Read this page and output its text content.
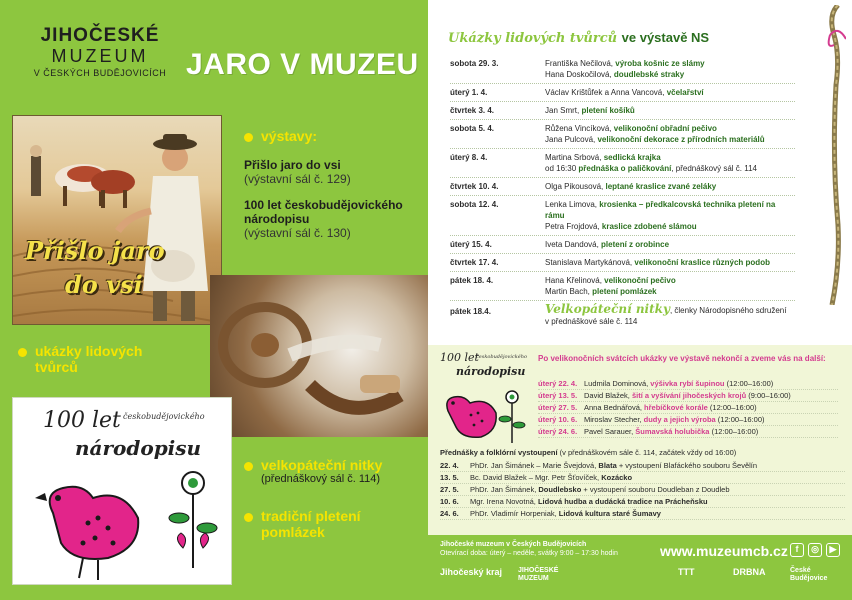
JIHOČESKÉ
MUZEUM
V ČESKÝCH BUDĚJOVICÍCH JARO V MUZEU
Přišlo jaro
do vsi
výstavy:
Přišlo jaro do vsi
(výstavní sál č. 129)
100 let českobudějovického
národopisu
(výstavní sál č. 130)
ukázky lidových
tvůrců
100 let českobudějovického
národopisu
velkopáteční nitky
(přednáškový sál č. 114)
tradiční pletení
pomlázek
Ukázky lidových tvůrců ve výstavě NS
sobota 29. 3.	Františka Nečilová, výroba košnic ze slámy
Hana Doskočilová, doudlebské straky
úterý 1. 4.	Václav Krištůfek a Anna Vancová, včelařství
čtvrtek 3. 4.	Jan Smrt, pletení košíků
sobota 5. 4.	Růžena Vincíková, velikonoční obřadní pečivo
Jana Pulcová, velikonoční dekorace z přírodních materiálů
úterý 8. 4.	Martina Srbová, sedlická krajka
od 16:30 přednáška o paličkování, přednáškový sál č. 114
čtvrtek 10. 4.	Olga Pikousová, leptané kraslice zvané zeláky
sobota 12. 4.	Lenka Limova, krosienka – předkalcovská technika pletení na rámu
Petra Frojdová, kraslice zdobené slámou
úterý 15. 4.	Iveta Dandová, pletení z orobince
čtvrtek 17. 4.	Stanislava Martykánová, velikonoční kraslice různých podob
pátek 18. 4.	Hana Křelinová, velikonoční pečivo
Martin Bach, pletení pomlázek
pátek 18.4.	Velkopáteční nitky, členky Národopisného sdružení
v přednáškové sále č. 114
100 let
českobudějovického
národopisu
Po velikonočních svátcích ukázky ve výstavě nekončí a zveme vás na další:
úterý 22. 4. Ludmila Dominová, výšivka rybí šupinou (12:00–16:00)
úterý 13. 5. David Blažek, šití a vyšívání jihočeských krojů (9:00–16:00)
úterý 27. 5. Anna Bednářová, hřebíčkové korále (12:00–16:00)
úterý 10. 6. Miroslav Stecher, dudy a jejich výroba (12:00–16:00)
úterý 24. 6. Pavel Sarauer, Šumavská holubička (12:00–16:00)
Přednášky a folklórní vystoupení (v přednáškovém sále č. 114, začátek vždy od 16:00)
22. 4.	PhDr. Jan Šimánek – Marie Švejdová, Blata + vystoupení Blafáckého souboru Ševělín
13. 5.	Bc. David Blažek – Mgr. Petr Šťovíček, Kozácko
27. 5.	PhDr. Jan Šimánek, Doudlebsko + vystoupení souboru Doudleban z Doudleb
10. 6.	Mgr. Irena Novotná, Lidová hudba a dudácká tradice na Prácheňsku
24. 6.	PhDr. Vladimír Horpeniak, Lidová kultura staré Šumavy
Jihočeské muzeum v Českých Budějovicích
Otevírací doba: úterý – neděle, svátky 9:00 – 17:30 hodin	www.muzeumcb.cz f	◎	▶
Jihočeský kraj JIHOČESKÉ MUZEUM
TTT	DRBNA	České Budějovice
